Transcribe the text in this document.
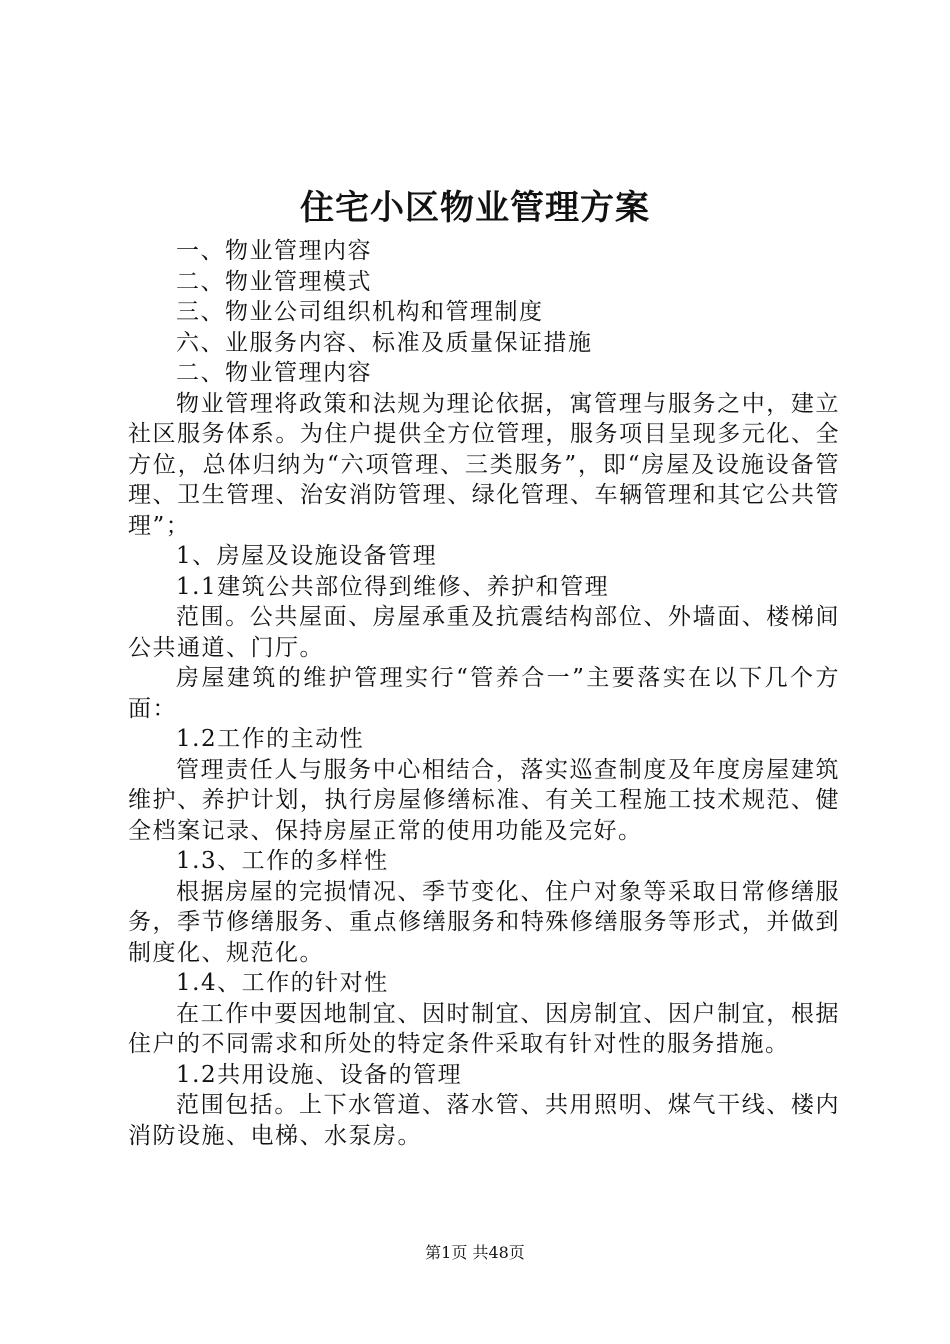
住宅小区物业管理方案

一、物业管理内容

二、物业管理模式

三、物业公司组织机构和管理制度

六、业服务内容、标准及质量保证措施

二、物业管理内容

物业管理将政策和法规为理论依据，寓管理与服务之中，建立社区服务体系。为住户提供全方位管理，服务项目呈现多元化、全方位，总体归纳为“六项管理、三类服务”，即“房屋及设施设备管理、卫生管理、治安消防管理、绿化管理、车辆管理和其它公共管理”；

1、房屋及设施设备管理

1.1建筑公共部位得到维修、养护和管理

范围。公共屋面、房屋承重及抗震结构部位、外墙面、楼梯间公共通道、门厅。

房屋建筑的维护管理实行“管养合一”主要落实在以下几个方面：

1.2工作的主动性

管理责任人与服务中心相结合，落实巡查制度及年度房屋建筑维护、养护计划，执行房屋修缮标准、有关工程施工技术规范、健全档案记录、保持房屋正常的使用功能及完好。

1.3、工作的多样性

根据房屋的完损情况、季节变化、住户对象等采取日常修缮服务，季节修缮服务、重点修缮服务和特殊修缮服务等形式，并做到制度化、规范化。

1.4、工作的针对性

在工作中要因地制宜、因时制宜、因房制宜、因户制宜，根据住户的不同需求和所处的特定条件采取有针对性的服务措施。

1.2共用设施、设备的管理

范围包括。上下水管道、落水管、共用照明、煤气干线、楼内消防设施、电梯、水泵房。

第1页 共48页
